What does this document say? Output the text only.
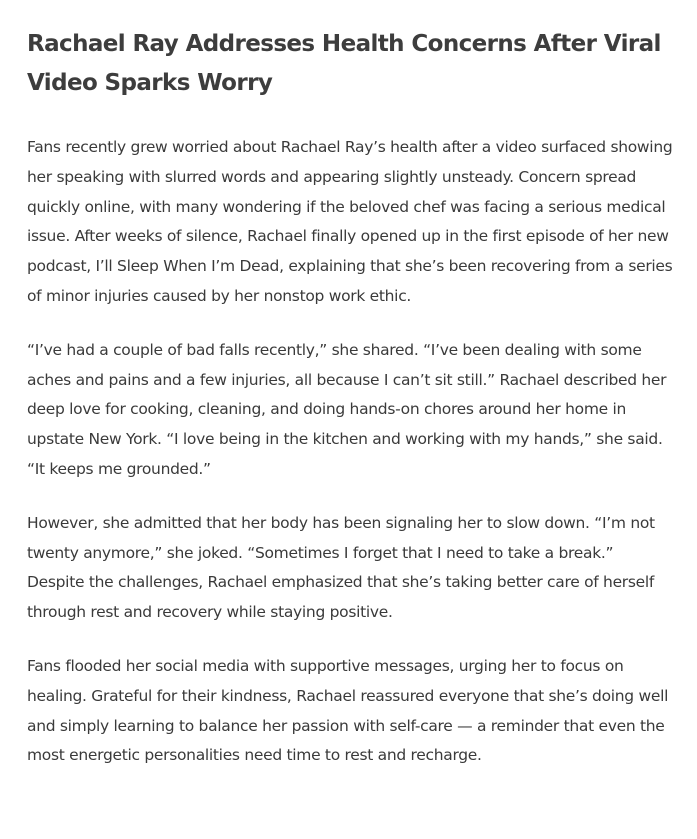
Rachael Ray Addresses Health Concerns After Viral Video Sparks Worry

Fans recently grew worried about Rachael Ray’s health after a video surfaced showing her speaking with slurred words and appearing slightly unsteady. Concern spread quickly online, with many wondering if the beloved chef was facing a serious medical issue. After weeks of silence, Rachael finally opened up in the first episode of her new podcast, I’ll Sleep When I’m Dead, explaining that she’s been recovering from a series of minor injuries caused by her nonstop work ethic.

“I’ve had a couple of bad falls recently,” she shared. “I’ve been dealing with some aches and pains and a few injuries, all because I can’t sit still.” Rachael described her deep love for cooking, cleaning, and doing hands-on chores around her home in upstate New York. “I love being in the kitchen and working with my hands,” she said. “It keeps me grounded.”

However, she admitted that her body has been signaling her to slow down. “I’m not twenty anymore,” she joked. “Sometimes I forget that I need to take a break.” Despite the challenges, Rachael emphasized that she’s taking better care of herself through rest and recovery while staying positive.

Fans flooded her social media with supportive messages, urging her to focus on healing. Grateful for their kindness, Rachael reassured everyone that she’s doing well and simply learning to balance her passion with self-care — a reminder that even the most energetic personalities need time to rest and recharge.
